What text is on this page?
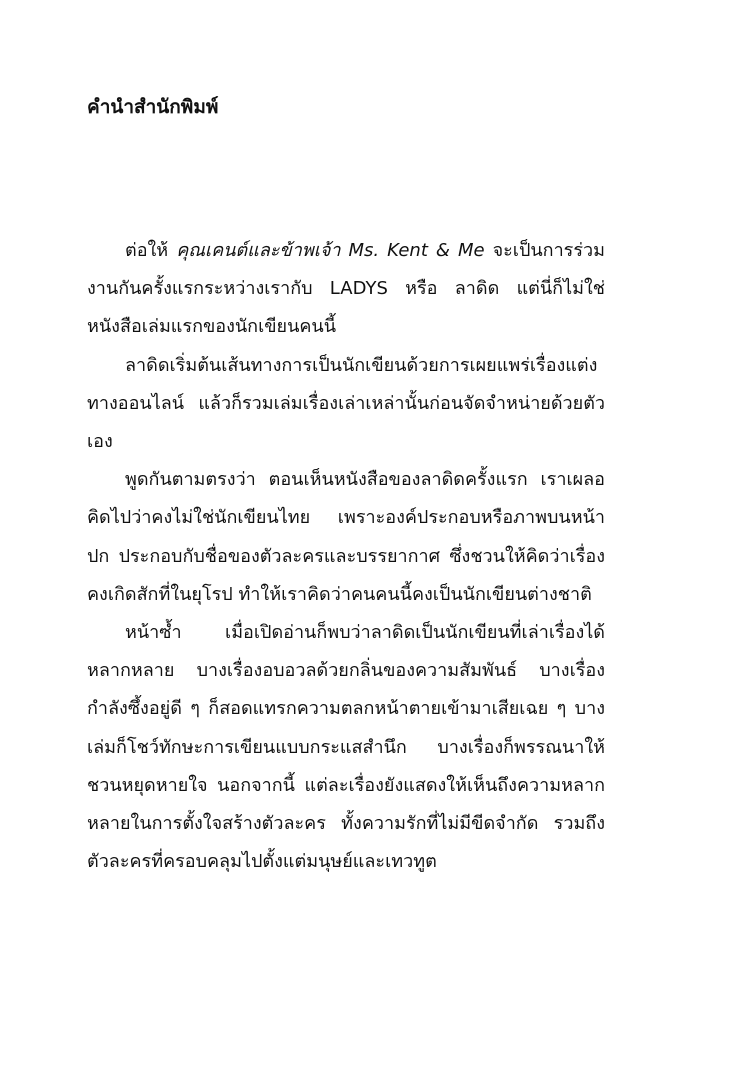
คำนำสำนักพิมพ์

ต่อให้ คุณเคนต์และข้าพเจ้า Ms. Kent & Me จะเป็นการร่วมงานกันครั้งแรกระหว่างเรากับ LADYS หรือ ลาดิด แต่นี่ก็ไม่ใช่หนังสือเล่มแรกของนักเขียนคนนี้

ลาดิดเริ่มต้นเส้นทางการเป็นนักเขียนด้วยการเผยแพร่เรื่องแต่งทางออนไลน์ แล้วก็รวมเล่มเรื่องเล่าเหล่านั้นก่อนจัดจำหน่ายด้วยตัวเอง

พูดกันตามตรงว่า ตอนเห็นหนังสือของลาดิดครั้งแรก เราเผลอคิดไปว่าคงไม่ใช่นักเขียนไทย เพราะองค์ประกอบหรือภาพบนหน้าปก ประกอบกับชื่อของตัวละครและบรรยากาศ ซึ่งชวนให้คิดว่าเรื่องคงเกิดสักที่ในยุโรป ทำให้เราคิดว่าคนคนนี้คงเป็นนักเขียนต่างชาติ

หน้าซ้ำ เมื่อเปิดอ่านก็พบว่าลาดิดเป็นนักเขียนที่เล่าเรื่องได้หลากหลาย บางเรื่องอบอวลด้วยกลิ่นของความสัมพันธ์ บางเรื่องกำลังซึ้งอยู่ดี ๆ ก็สอดแทรกความตลกหน้าตายเข้ามาเสียเฉย ๆ บางเล่มก็โชว์ทักษะการเขียนแบบกระแสสำนึก บางเรื่องก็พรรณนาให้ชวนหยุดหายใจ นอกจากนี้ แต่ละเรื่องยังแสดงให้เห็นถึงความหลากหลายในการตั้งใจสร้างตัวละคร ทั้งความรักที่ไม่มีขีดจำกัด รวมถึงตัวละครที่ครอบคลุมไปตั้งแต่มนุษย์และเทวทูต
